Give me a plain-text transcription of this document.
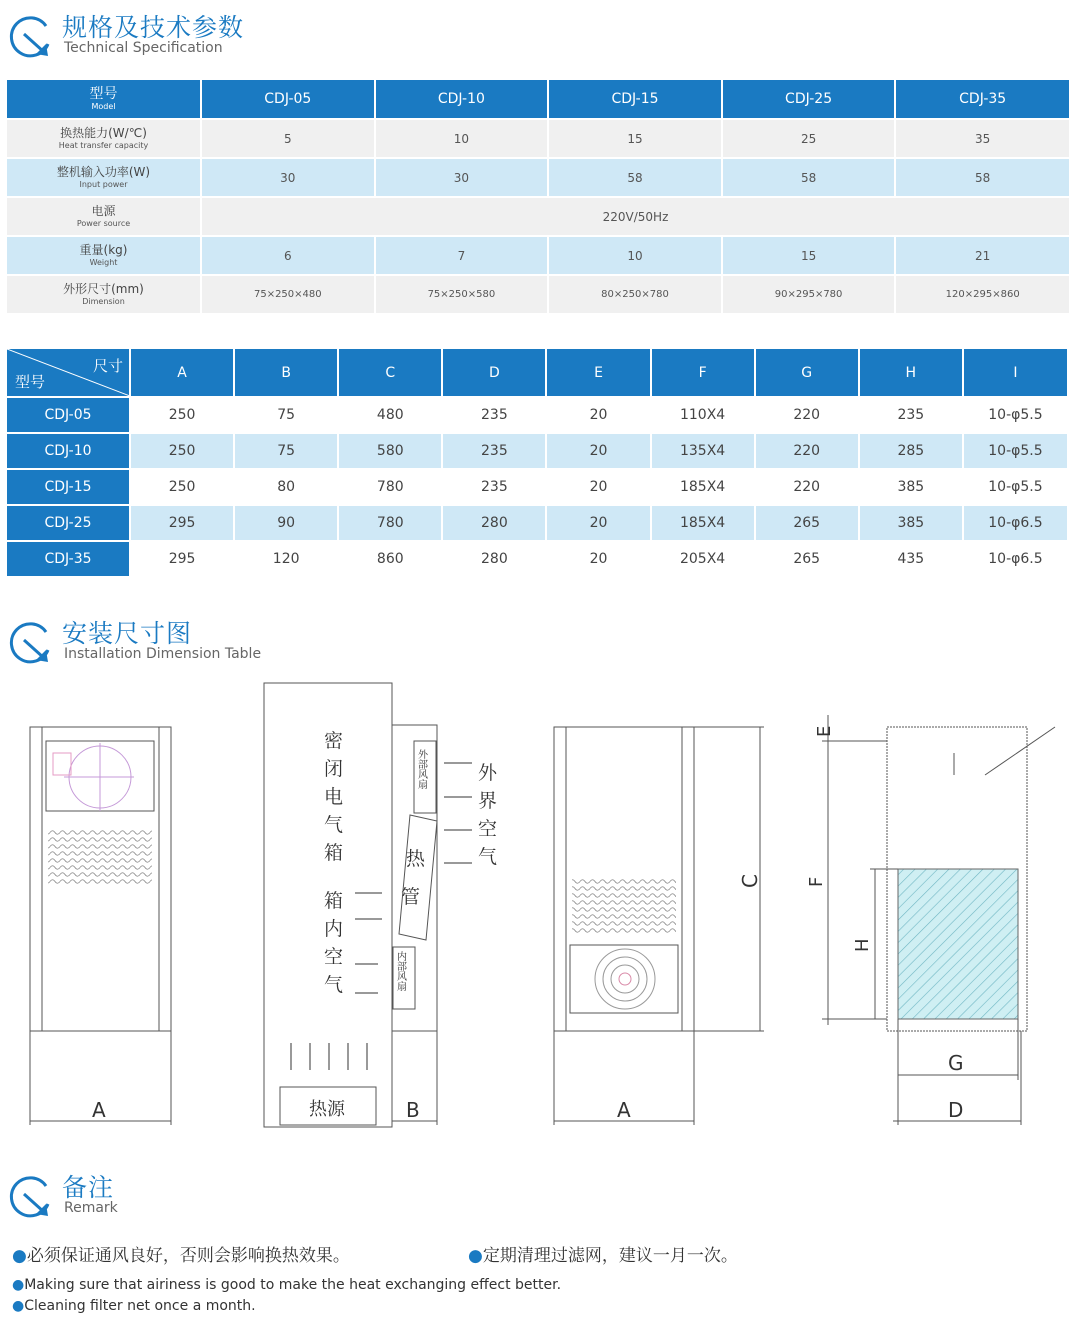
规格及技术参数
Technical Specification
型号
Model	CDJ-05	CDJ-10	CDJ-15	CDJ-25	CDJ-35

换热能力(W/℃)
Heat transfer capacity	5	10	15	25	35

整机输入功率(W)
Input power	30	30	58	58	58

电源
Power source	220V/50Hz				

重量(kg)
Weight	6	7	10	15	21

外形尺寸(mm)
Dimension	75×250×480	75×250×580	80×250×780	90×295×780	120×295×860
尺寸
型号	A	B	C	D	E	F	G	H	I
CDJ-05	250	75	480	235	20	110X4	220	235	10-φ5.5
CDJ-10	250	75	580	235	20	135X4	220	285	10-φ5.5
CDJ-15	250	80	780	235	20	185X4	220	385	10-φ5.5
CDJ-25	295	90	780	280	20	185X4	265	385	10-φ6.5
CDJ-35	295	120	860	280	20	205X4	265	435	10-φ6.5
安装尺寸图
Installation Dimension Table
A	B	A
C
E
F
H
G
D
密
闭
电
气
箱
箱
内
空
气
外
界
空
气
热
管
外部风扇
内部风扇
热源
备注
Remark
●必须保证通风良好，否则会影响换热效果。	●定期清理过滤网，建议一月一次。
●Making sure that airiness is good to make the heat exchanging effect better.
●Cleaning filter net once a month.
